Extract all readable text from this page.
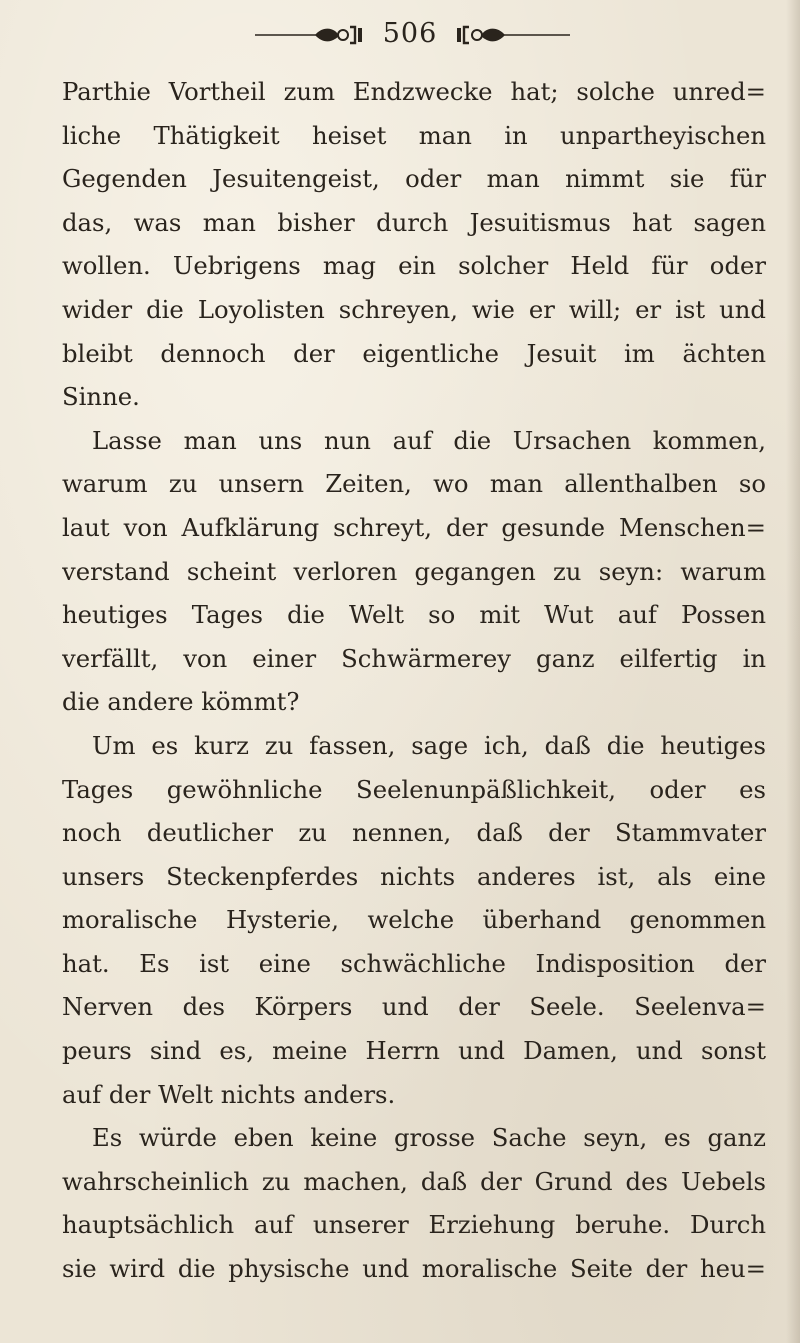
506
Parthie Vortheil zum Endzwecke hat; solche unred=
liche Thätigkeit heiset man in unpartheyischen
Gegenden Jesuitengeist, oder man nimmt sie für
das, was man bisher durch Jesuitismus hat sagen
wollen. Uebrigens mag ein solcher Held für oder
wider die Loyolisten schreyen, wie er will; er ist und
bleibt dennoch der eigentliche Jesuit im ächten
Sinne.
Lasse man uns nun auf die Ursachen kommen,
warum zu unsern Zeiten, wo man allenthalben so
laut von Aufklärung schreyt, der gesunde Menschen=
verstand scheint verloren gegangen zu seyn: warum
heutiges Tages die Welt so mit Wut auf Possen
verfällt, von einer Schwärmerey ganz eilfertig in
die andere kömmt?
Um es kurz zu fassen, sage ich, daß die heutiges
Tages gewöhnliche Seelenunpäßlichkeit, oder es
noch deutlicher zu nennen, daß der Stammvater
unsers Steckenpferdes nichts anderes ist, als eine
moralische Hysterie, welche überhand genommen
hat. Es ist eine schwächliche Indisposition der
Nerven des Körpers und der Seele. Seelenva=
peurs sind es, meine Herrn und Damen, und sonst
auf der Welt nichts anders.
Es würde eben keine grosse Sache seyn, es ganz
wahrscheinlich zu machen, daß der Grund des Uebels
hauptsächlich auf unserer Erziehung beruhe. Durch
sie wird die physische und moralische Seite der heu=
